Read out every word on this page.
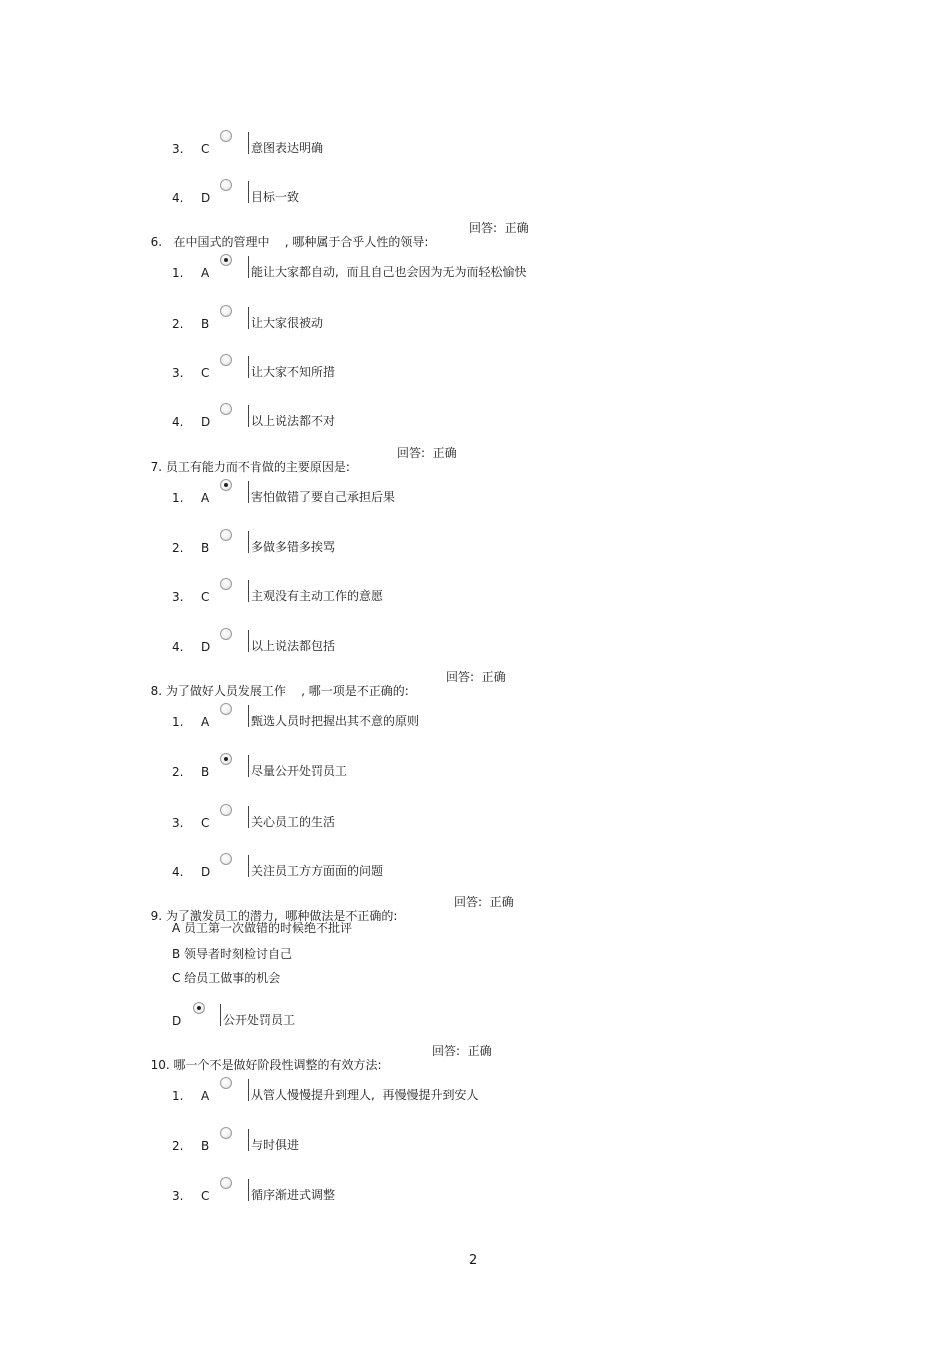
3. C	意图表达明确
4. D	目标一致

6.   在中国式的管理中    , 哪种属于合乎人性的领导:

回答:  正确

1. A	能让大家都自动,  而且自己也会因为无为而轻松愉快
2. B	让大家很被动
3. C	让大家不知所措
4. D	以上说法都不对

7. 员工有能力而不肯做的主要原因是:

回答:  正确

1. A	害怕做错了要自己承担后果
2. B	多做多错多挨骂
3. C	主观没有主动工作的意愿
4. D	以上说法都包括

8. 为了做好人员发展工作    , 哪一项是不正确的:

回答:  正确

1. A	甄选人员时把握出其不意的原则
2. B	尽量公开处罚员工
3. C	关心员工的生活
4. D	关注员工方方面面的问题

9. 为了激发员工的潜力,  哪种做法是不正确的:

回答:  正确

A 员工第一次做错的时候绝不批评
B 领导者时刻检讨自己
C 给员工做事的机会
D	公开处罚员工

10. 哪一个不是做好阶段性调整的有效方法:

回答:  正确

1. A	从管人慢慢提升到理人,  再慢慢提升到安人
2. B	与时俱进
3. C	循序渐进式调整
2
